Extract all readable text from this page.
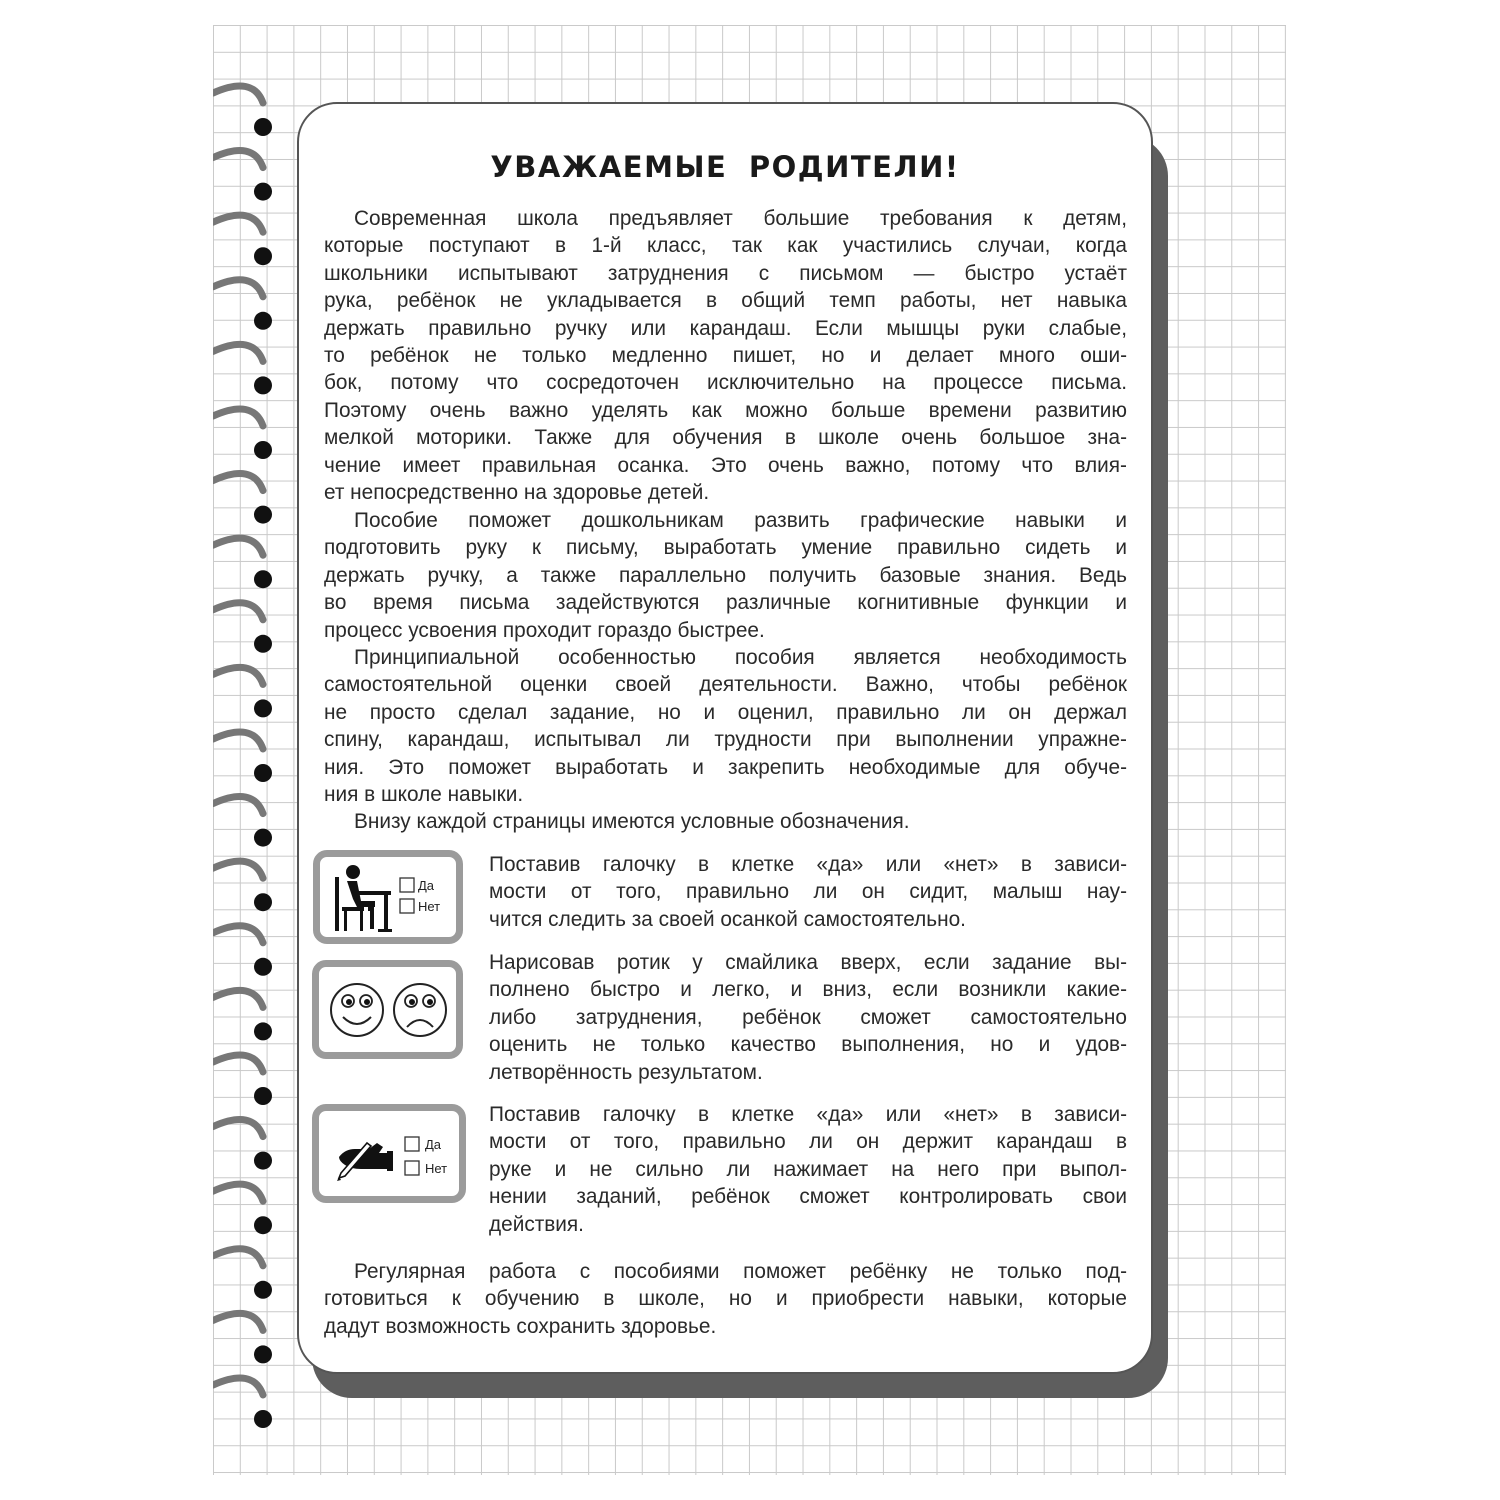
УВАЖАЕМЫЕ РОДИТЕЛИ!
Современная школа предъявляет большие требования к детям,
которые поступают в 1-й класс, так как участились случаи, когда
школьники испытывают затруднения с письмом — быстро устаёт
рука, ребёнок не укладывается в общий темп работы, нет навыка
держать правильно ручку или карандаш. Если мышцы руки слабые,
то ребёнок не только медленно пишет, но и делает много оши-
бок, потому что сосредоточен исключительно на процессе письма.
Поэтому очень важно уделять как можно больше времени развитию
мелкой моторики. Также для обучения в школе очень большое зна-
чение имеет правильная осанка. Это очень важно, потому что влия-
ет непосредственно на здоровье детей.
Пособие поможет дошкольникам развить графические навыки и
подготовить руку к письму, выработать умение правильно сидеть и
держать ручку, а также параллельно получить базовые знания. Ведь
во время письма задействуются различные когнитивные функции и
процесс усвоения проходит гораздо быстрее.
Принципиальной особенностью пособия является необходимость
самостоятельной оценки своей деятельности. Важно, чтобы ребёнок
не просто сделал задание, но и оценил, правильно ли он держал
спину, карандаш, испытывал ли трудности при выполнении упражне-
ния. Это поможет выработать и закрепить необходимые для обуче-
ния в школе навыки.
Внизу каждой страницы имеются условные обозначения.
Да
Нет
Поставив галочку в клетке «да» или «нет» в зависи-
мости от того, правильно ли он сидит, малыш нау-
чится следить за своей осанкой самостоятельно.
Нарисовав ротик у смайлика вверх, если задание вы-
полнено быстро и легко, и вниз, если возникли какие-
либо затруднения, ребёнок сможет самостоятельно
оценить не только качество выполнения, но и удов-
летворённость результатом.
Да
Нет
Поставив галочку в клетке «да» или «нет» в зависи-
мости от того, правильно ли он держит карандаш в
руке и не сильно ли нажимает на него при выпол-
нении заданий, ребёнок сможет контролировать свои
действия.
Регулярная работа с пособиями поможет ребёнку не только под-
готовиться к обучению в школе, но и приобрести навыки, которые
дадут возможность сохранить здоровье.
